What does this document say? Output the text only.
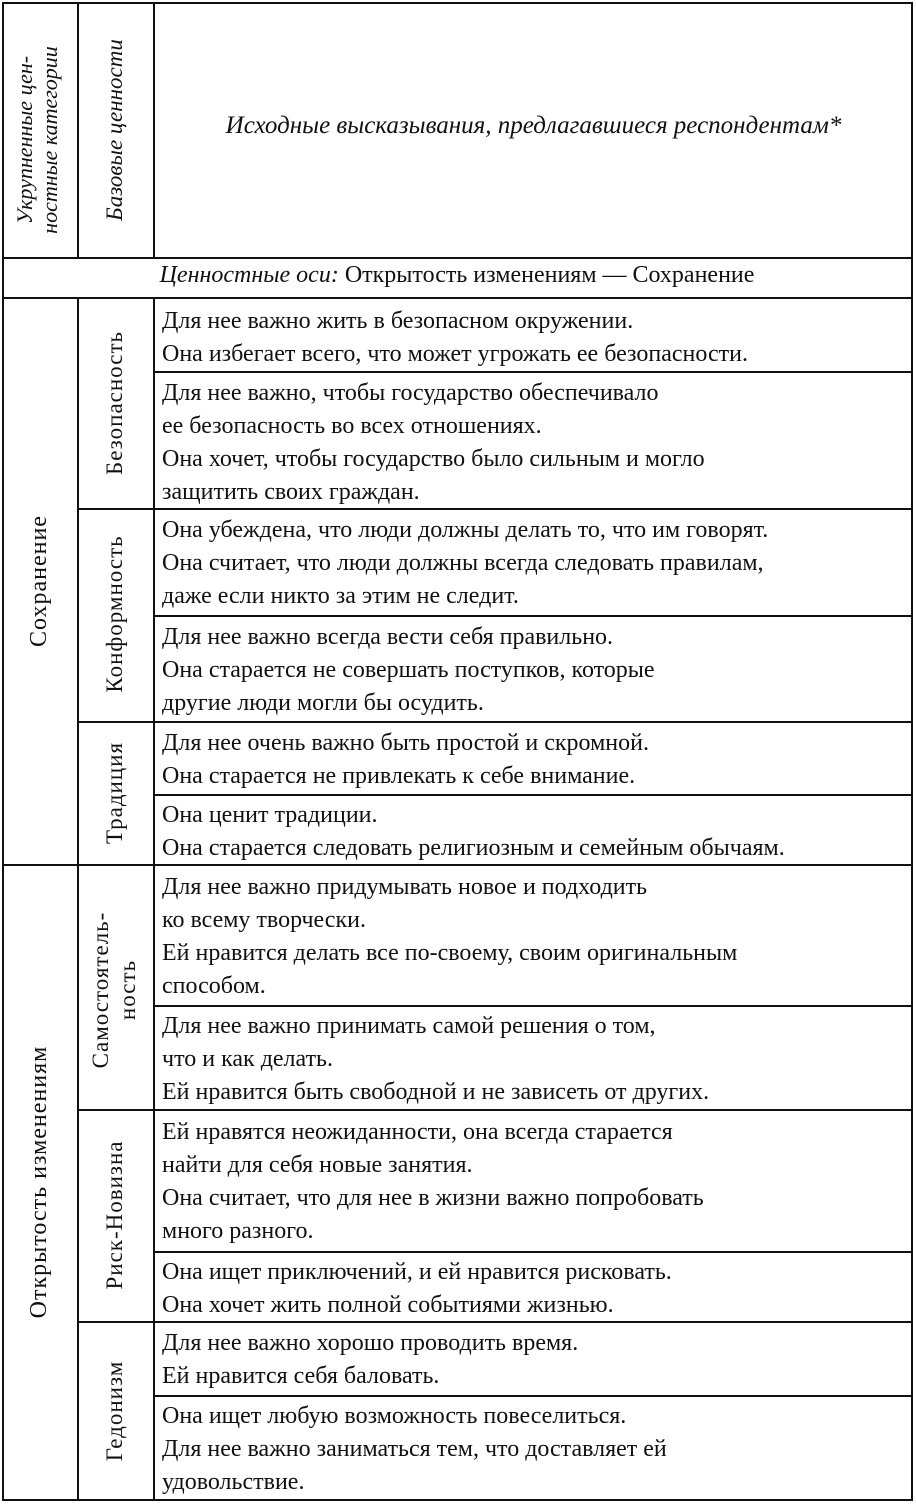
Укрупненные цен- ностные категории Базовые ценности	Исходные высказывания, предлагавшиеся респондентам*
Ценностные оси: Открытость изменениям — Сохранение
Сохранение
Открытость изменениям
Безопасность
Конформность
Традиция
Самостоятель- ность
Риск-Новизна
Гедонизм
Для нее важно жить в безопасном окружении.
Она избегает всего, что может угрожать ее безопасности.
Для нее важно, чтобы государство обеспечивало
ее безопасность во всех отношениях.
Она хочет, чтобы государство было сильным и могло
защитить своих граждан.
Она убеждена, что люди должны делать то, что им говорят.
Она считает, что люди должны всегда следовать правилам,
даже если никто за этим не следит.
Для нее важно всегда вести себя правильно.
Она старается не совершать поступков, которые
другие люди могли бы осудить.
Для нее очень важно быть простой и скромной.
Она старается не привлекать к себе внимание.
Она ценит традиции.
Она старается следовать религиозным и семейным обычаям.
Для нее важно придумывать новое и подходить
ко всему творчески.
Ей нравится делать все по-своему, своим оригинальным
способом.
Для нее важно принимать самой решения о том,
что и как делать.
Ей нравится быть свободной и не зависеть от других.
Ей нравятся неожиданности, она всегда старается
найти для себя новые занятия.
Она считает, что для нее в жизни важно попробовать
много разного.
Она ищет приключений, и ей нравится рисковать.
Она хочет жить полной событиями жизнью.
Для нее важно хорошо проводить время.
Ей нравится себя баловать.
Она ищет любую возможность повеселиться.
Для нее важно заниматься тем, что доставляет ей
удовольствие.
